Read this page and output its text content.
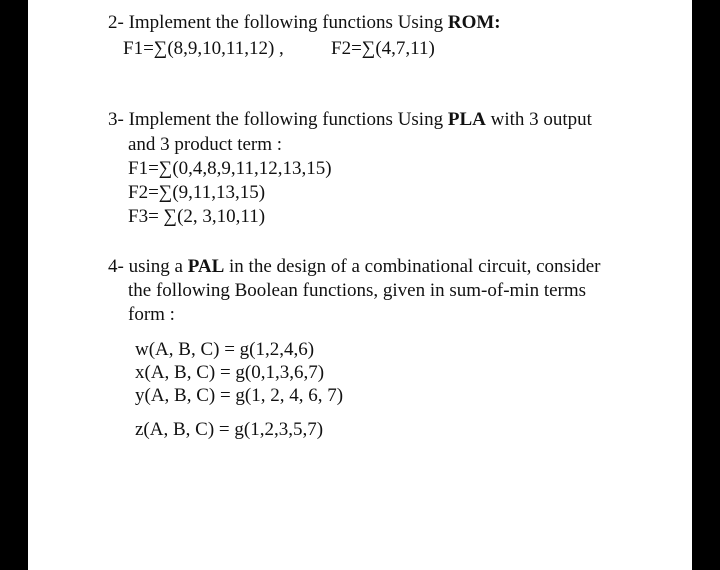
2- Implement the following functions Using ROM:
F1=∑(8,9,10,11,12) , F2=∑(4,7,11)
3- Implement the following functions Using PLA with 3 output
and 3 product term :
F1=∑(0,4,8,9,11,12,13,15)
F2=∑(9,11,13,15)
F3= ∑(2, 3,10,11)
4- using a PAL in the design of a combinational circuit, consider
the following Boolean functions, given in sum-of-min terms
form :
w(A, B, C) = g(1,2,4,6)
x(A, B, C) = g(0,1,3,6,7)
y(A, B, C) = g(1, 2, 4, 6, 7)
z(A, B, C) = g(1,2,3,5,7)
